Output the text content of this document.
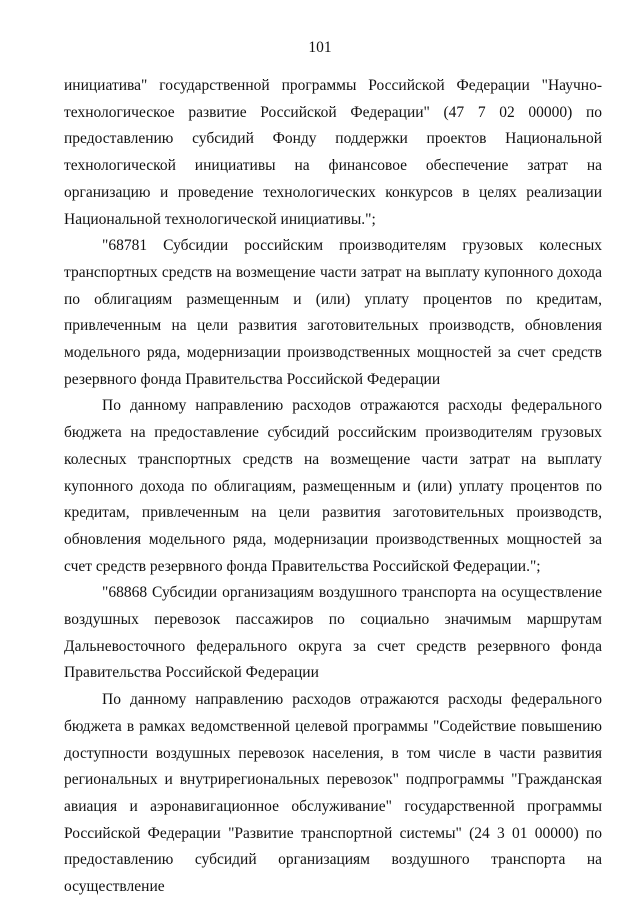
101

инициатива" государственной программы Российской Федерации "Научно-технологическое развитие Российской Федерации" (47 7 02 00000) по предоставлению субсидий Фонду поддержки проектов Национальной технологической инициативы на финансовое обеспечение затрат на организацию и проведение технологических конкурсов в целях реализации Национальной технологической инициативы.";

"68781 Субсидии российским производителям грузовых колесных транспортных средств на возмещение части затрат на выплату купонного дохода по облигациям размещенным и (или) уплату процентов по кредитам, привлеченным на цели развития заготовительных производств, обновления модельного ряда, модернизации производственных мощностей за счет средств резервного фонда Правительства Российской Федерации

По данному направлению расходов отражаются расходы федерального бюджета на предоставление субсидий российским производителям грузовых колесных транспортных средств на возмещение части затрат на выплату купонного дохода по облигациям, размещенным и (или) уплату процентов по кредитам, привлеченным на цели развития заготовительных производств, обновления модельного ряда, модернизации производственных мощностей за счет средств резервного фонда Правительства Российской Федерации.";

"68868 Субсидии организациям воздушного транспорта на осуществление воздушных перевозок пассажиров по социально значимым маршрутам Дальневосточного федерального округа за счет средств резервного фонда Правительства Российской Федерации

По данному направлению расходов отражаются расходы федерального бюджета в рамках ведомственной целевой программы "Содействие повышению доступности воздушных перевозок населения, в том числе в части развития региональных и внутрирегиональных перевозок" подпрограммы "Гражданская авиация и аэронавигационное обслуживание" государственной программы Российской Федерации "Развитие транспортной системы" (24 3 01 00000) по предоставлению субсидий организациям воздушного транспорта на осуществление
